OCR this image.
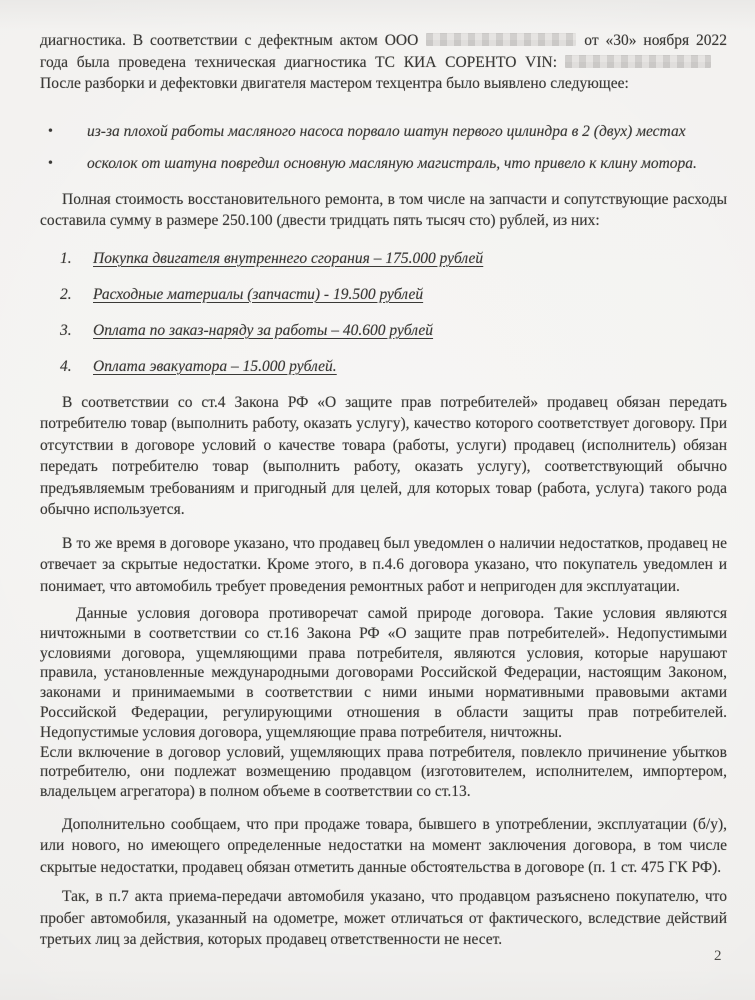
диагностика. В соответствии с дефектным актом ООО	от «30» ноября 2022 года была проведена техническая диагностика ТС КИА СОРЕНТО VIN:После разборки и дефектовки двигателя мастером техцентра было выявлено следующее:

•	из-за плохой работы масляного насоса порвало шатун первого цилиндра в 2 (двух) местах
•	осколок от шатуна повредил основную масляную магистраль, что привело к клину мотора.

Полная стоимость восстановительного ремонта, в том числе на запчасти и сопутствующие расходы составила сумму в размере 250.100 (двести тридцать пять тысяч сто) рублей, из них:

1.	Покупка двигателя внутреннего сгорания – 175.000 рублей
2.	Расходные материалы (запчасти) - 19.500 рублей
3.	Оплата по заказ-наряду за работы – 40.600 рублей
4.	Оплата эвакуатора – 15.000 рублей.

В соответствии со ст.4 Закона РФ «О защите прав потребителей» продавец обязан передать потребителю товар (выполнить работу, оказать услугу), качество которого соответствует договору. При отсутствии в договоре условий о качестве товара (работы, услуги) продавец (исполнитель) обязан передать потребителю товар (выполнить работу, оказать услугу), соответствующий обычно предъявляемым требованиям и пригодный для целей, для которых товар (работа, услуга) такого рода обычно используется.

В то же время в договоре указано, что продавец был уведомлен о наличии недостатков, продавец не отвечает за скрытые недостатки. Кроме этого, в п.4.6 договора указано, что покупатель уведомлен и понимает, что автомобиль требует проведения ремонтных работ и непригоден для эксплуатации.

Данные условия договора противоречат самой природе договора. Такие условия являются ничтожными в соответствии со ст.16 Закона РФ «О защите прав потребителей». Недопустимыми условиями договора, ущемляющими права потребителя, являются условия, которые нарушают правила, установленные международными договорами Российской Федерации, настоящим Законом, законами и принимаемыми в соответствии с ними иными нормативными правовыми актами Российской Федерации, регулирующими отношения в области защиты прав потребителей. Недопустимые условия договора, ущемляющие права потребителя, ничтожны.

Если включение в договор условий, ущемляющих права потребителя, повлекло причинение убытков потребителю, они подлежат возмещению продавцом (изготовителем, исполнителем, импортером, владельцем агрегатора) в полном объеме в соответствии со ст.13.

Дополнительно сообщаем, что при продаже товара, бывшего в употреблении, эксплуатации (б/у), или нового, но имеющего определенные недостатки на момент заключения договора, в том числе скрытые недостатки, продавец обязан отметить данные обстоятельства в договоре (п. 1 ст. 475 ГК РФ).

Так, в п.7 акта приема-передачи автомобиля указано, что продавцом разъяснено покупателю, что пробег автомобиля, указанный на одометре, может отличаться от фактического, вследствие действий третьих лиц за действия, которых продавец ответственности не несет.

2
